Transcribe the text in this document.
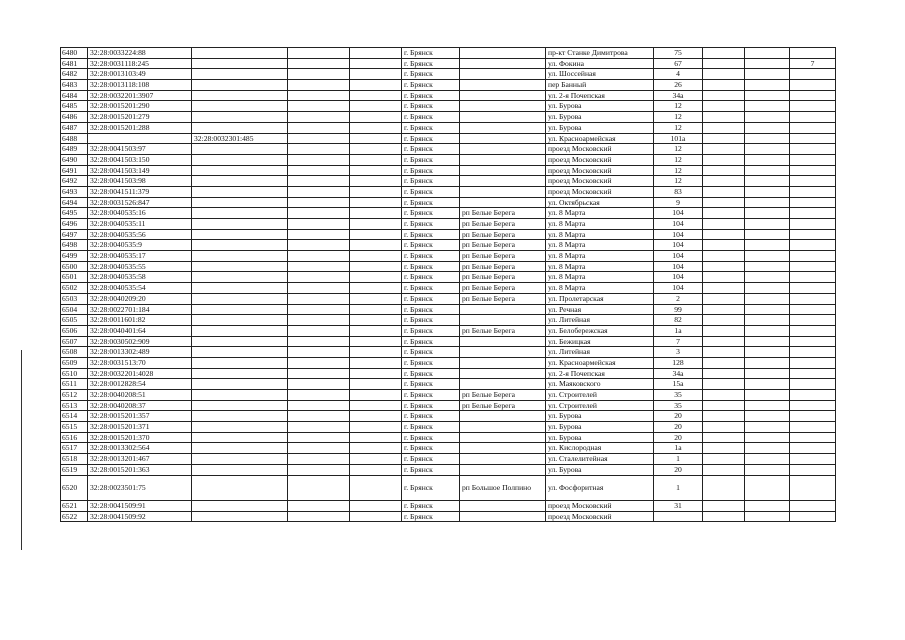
6480	32:28:0033224:88				г. Брянск		пр-кт Станке Димитрова	75			
6481	32:28:0031118:245				г. Брянск		ул. Фокина	67			7
6482	32:28:0013103:49				г. Брянск		ул. Шоссейная	4			
6483	32:28:0013118:108				г. Брянск		пер Банный	26			
6484	32:28:0032201:3907				г. Брянск		ул. 2-я Почепская	34а			
6485	32:28:0015201:290				г. Брянск		ул. Бурова	12			
6486	32:28:0015201:279				г. Брянск		ул. Бурова	12			
6487	32:28:0015201:288				г. Брянск		ул. Бурова	12			
6488		32:28:0032301:485			г. Брянск		ул. Красноармейская	101а			
6489	32:28:0041503:97				г. Брянск		проезд Московский	12			
6490	32:28:0041503:150				г. Брянск		проезд Московский	12			
6491	32:28:0041503:149				г. Брянск		проезд Московский	12			
6492	32:28:0041503:98				г. Брянск		проезд Московский	12			
6493	32:28:0041511:379				г. Брянск		проезд Московский	83			
6494	32:28:0031526:847				г. Брянск		ул. Октябрьская	9			
6495	32:28:0040535:16				г. Брянск	рп Белые Берега	ул. 8 Марта	104			
6496	32:28:0040535:11				г. Брянск	рп Белые Берега	ул. 8 Марта	104			
6497	32:28:0040535:56				г. Брянск	рп Белые Берега	ул. 8 Марта	104			
6498	32:28:0040535:9				г. Брянск	рп Белые Берега	ул. 8 Марта	104			
6499	32:28:0040535:17				г. Брянск	рп Белые Берега	ул. 8 Марта	104			
6500	32:28:0040535:55				г. Брянск	рп Белые Берега	ул. 8 Марта	104			
6501	32:28:0040535:58				г. Брянск	рп Белые Берега	ул. 8 Марта	104			
6502	32:28:0040535:54				г. Брянск	рп Белые Берега	ул. 8 Марта	104			
6503	32:28:0040209:20				г. Брянск	рп Белые Берега	ул. Пролетарская	2			
6504	32:28:0022701:184				г. Брянск		ул. Речная	99			
6505	32:28:0011601:82				г. Брянск		ул. Литейная	82			
6506	32:28:0040401:64				г. Брянск	рп Белые Берега	ул. Белобережская	1а			
6507	32:28:0030502:909				г. Брянск		ул. Бежицкая	7			
6508	32:28:0013302:489				г. Брянск		ул. Литейная	3			
6509	32:28:0031513:70				г. Брянск		ул. Красноармейская	128			
6510	32:28:0032201:4028				г. Брянск		ул. 2-я Почепская	34а			
6511	32:28:0012828:54				г. Брянск		ул. Маяковского	15а			
6512	32:28:0040208:51				г. Брянск	рп Белые Берега	ул. Строителей	35			
6513	32:28:0040208:37				г. Брянск	рп Белые Берега	ул. Строителей	35			
6514	32:28:0015201:357				г. Брянск		ул. Бурова	20			
6515	32:28:0015201:371				г. Брянск		ул. Бурова	20			
6516	32:28:0015201:370				г. Брянск		ул. Бурова	20			
6517	32:28:0013302:564				г. Брянск		ул. Кислородная	1а			
6518	32:28:0013201:467				г. Брянск		ул. Сталелитейная	1			
6519	32:28:0015201:363				г. Брянск		ул. Бурова	20			
6520	32:28:0023501:75				г. Брянск	рп Большое Полпино	ул. Фосфоритная	1			
6521	32:28:0041509:91				г. Брянск		проезд Московский	31			
6522	32:28:0041509:92				г. Брянск		проезд Московский				
